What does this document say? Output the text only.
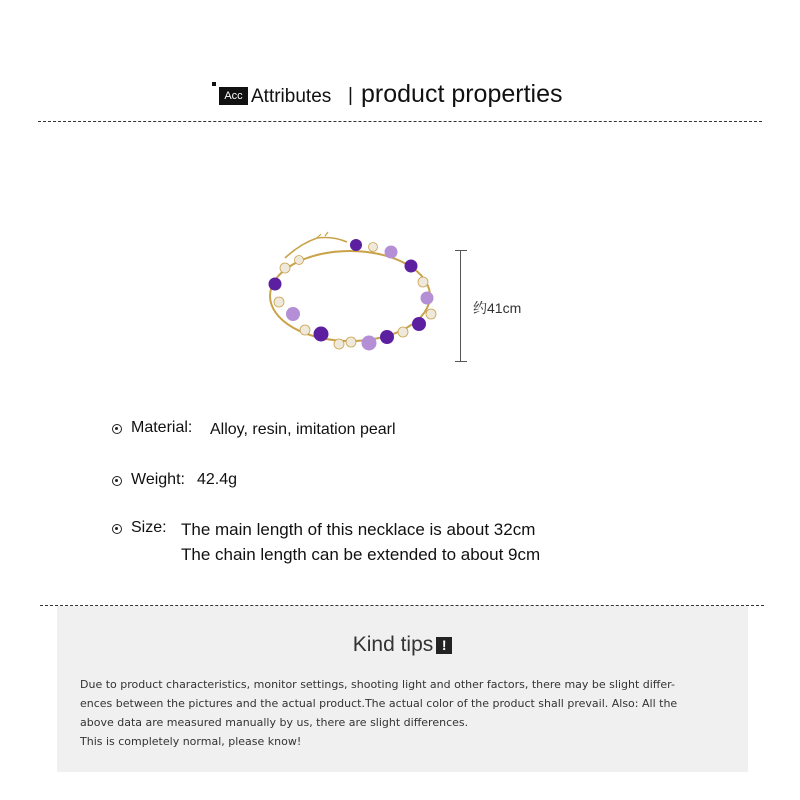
Acc Attributes | product properties
约41cm
Material: Alloy, resin, imitation pearl
Weight: 42.4g
Size: The main length of this necklace is about 32cm
The chain length can be extended to about 9cm
Kind tips !
Due to product characteristics, monitor settings, shooting light and other factors, there may be slight differ-
ences between the pictures and the actual product.The actual color of the product shall prevail. Also: All the
above data are measured manually by us, there are slight differences.
This is completely normal, please know!
